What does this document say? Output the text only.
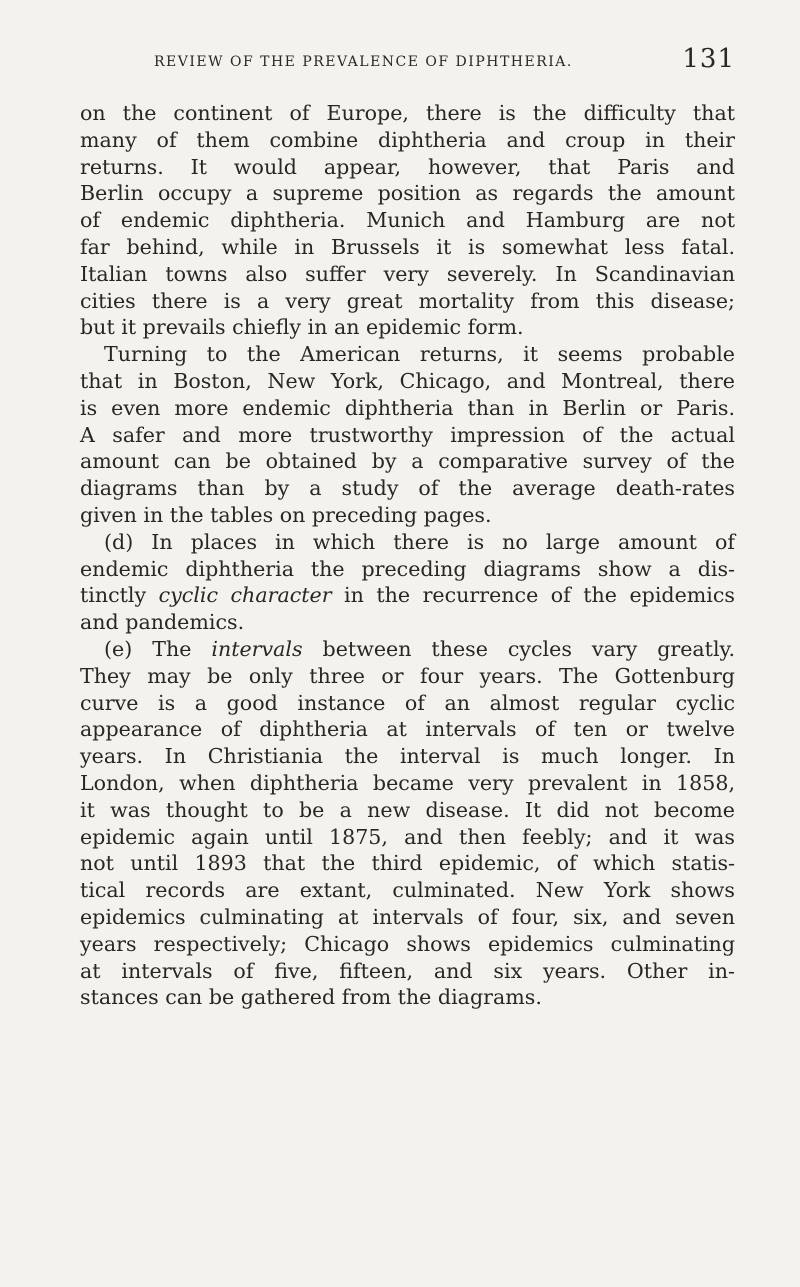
REVIEW OF THE PREVALENCE OF DIPHTHERIA.	131
on the continent of Europe, there is the difficulty that
many of them combine diphtheria and croup in their
returns. It would appear, however, that Paris and
Berlin occupy a supreme position as regards the amount
of endemic diphtheria. Munich and Hamburg are not
far behind, while in Brussels it is somewhat less fatal.
Italian towns also suffer very severely. In Scandinavian
cities there is a very great mortality from this disease;
but it prevails chiefly in an epidemic form.
Turning to the American returns, it seems probable
that in Boston, New York, Chicago, and Montreal, there
is even more endemic diphtheria than in Berlin or Paris.
A safer and more trustworthy impression of the actual
amount can be obtained by a comparative survey of the
diagrams than by a study of the average death-rates
given in the tables on preceding pages.
(d) In places in which there is no large amount of
endemic diphtheria the preceding diagrams show a dis-
tinctly cyclic character in the recurrence of the epidemics
and pandemics.
(e) The intervals between these cycles vary greatly.
They may be only three or four years. The Gottenburg
curve is a good instance of an almost regular cyclic
appearance of diphtheria at intervals of ten or twelve
years. In Christiania the interval is much longer. In
London, when diphtheria became very prevalent in 1858,
it was thought to be a new disease. It did not become
epidemic again until 1875, and then feebly; and it was
not until 1893 that the third epidemic, of which statis-
tical records are extant, culminated. New York shows
epidemics culminating at intervals of four, six, and seven
years respectively; Chicago shows epidemics culminating
at intervals of five, fifteen, and six years. Other in-
stances can be gathered from the diagrams.
